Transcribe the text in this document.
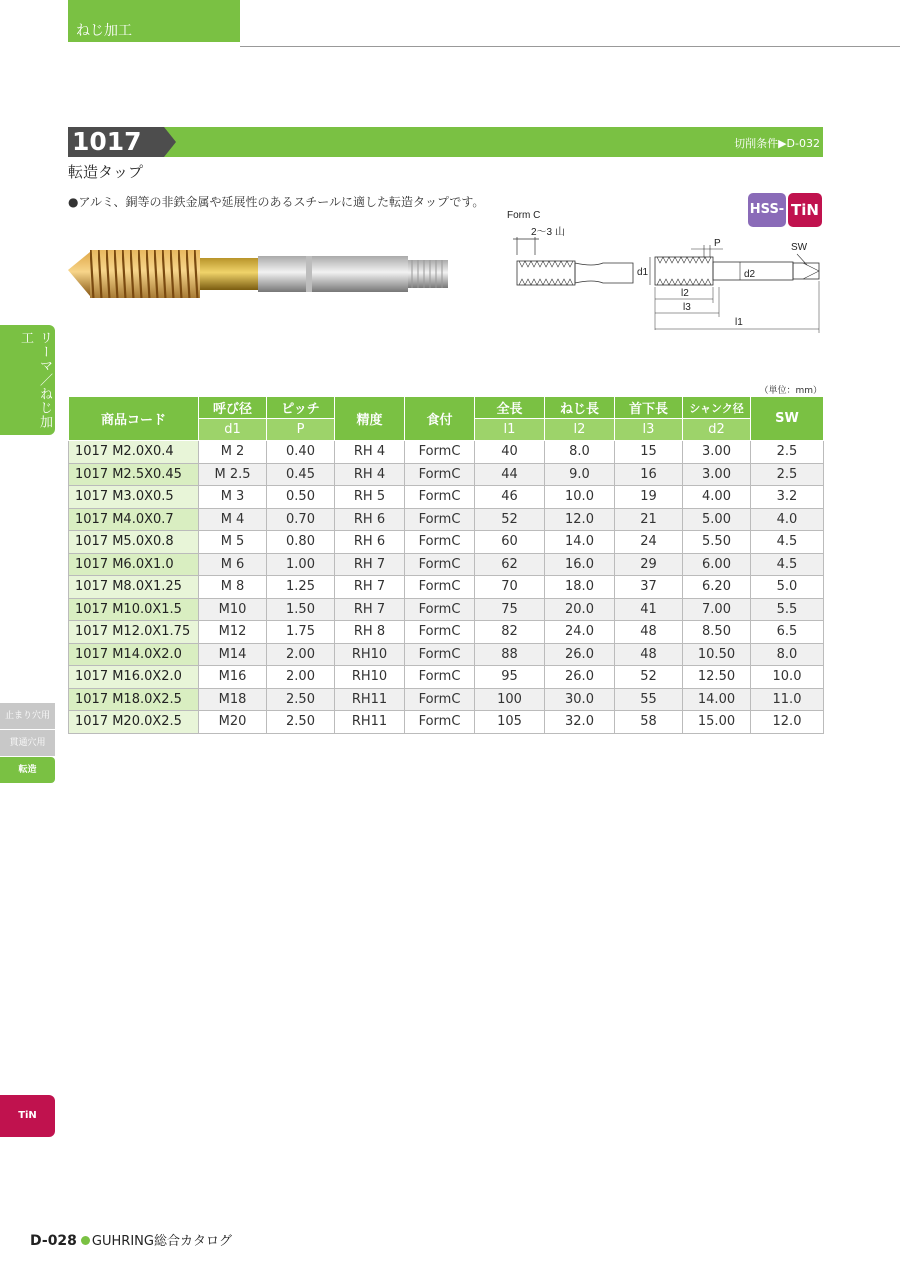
ねじ加工
リーマ／ねじ加工
止まり穴用
貫通穴用
転造
TiN
1017	切削条件▶D-032
転造タップ
●アルミ、銅等の非鉄金属や延展性のあるスチールに適した転造タップです。	HSS-E
TiN
Form C
2〜3 山
P	SW
d1	d2
l2
l3
l1
（単位：mm）
商品コード	呼び径	ピッチ	精度	食付	全長	ねじ長	首下長	シャンク径	SW
	d1	P			l1	l2	l3	d2	
1017 M2.0X0.4	M 2	0.40	RH 4	FormC	40	8.0	15	3.00	2.5
1017 M2.5X0.45	M 2.5	0.45	RH 4	FormC	44	9.0	16	3.00	2.5
1017 M3.0X0.5	M 3	0.50	RH 5	FormC	46	10.0	19	4.00	3.2
1017 M4.0X0.7	M 4	0.70	RH 6	FormC	52	12.0	21	5.00	4.0
1017 M5.0X0.8	M 5	0.80	RH 6	FormC	60	14.0	24	5.50	4.5
1017 M6.0X1.0	M 6	1.00	RH 7	FormC	62	16.0	29	6.00	4.5
1017 M8.0X1.25	M 8	1.25	RH 7	FormC	70	18.0	37	6.20	5.0
1017 M10.0X1.5	M10	1.50	RH 7	FormC	75	20.0	41	7.00	5.5
1017 M12.0X1.75	M12	1.75	RH 8	FormC	82	24.0	48	8.50	6.5
1017 M14.0X2.0	M14	2.00	RH10	FormC	88	26.0	48	10.50	8.0
1017 M16.0X2.0	M16	2.00	RH10	FormC	95	26.0	52	12.50	10.0
1017 M18.0X2.5	M18	2.50	RH11	FormC	100	30.0	55	14.00	11.0
1017 M20.0X2.5	M20	2.50	RH11	FormC	105	32.0	58	15.00	12.0
D-028 GUHRING総合カタログ
